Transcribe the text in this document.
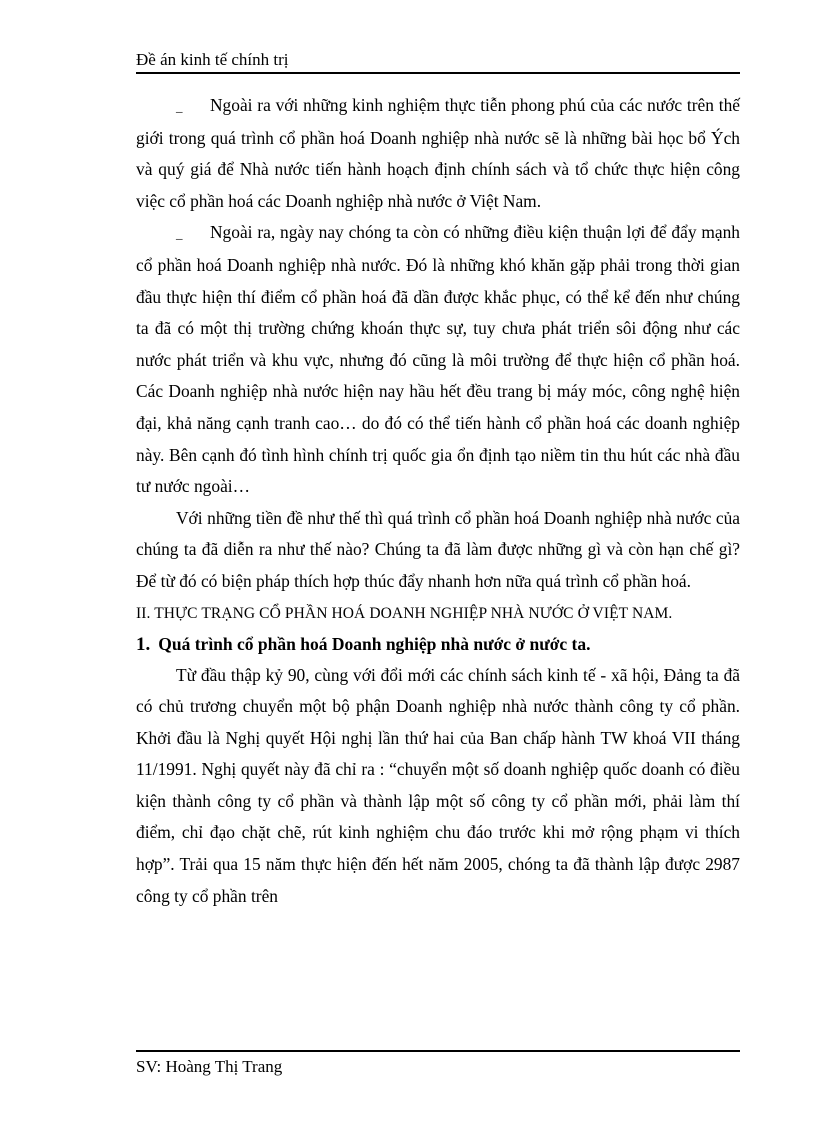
Đề án kinh tế chính trị

_ Ngoài ra với những kinh nghiệm thực tiễn phong phú của các nước trên thế giới trong quá trình cổ phần hoá Doanh nghiệp nhà nước sẽ là những bài học bổ Ých và quý giá để Nhà nước tiến hành hoạch định chính sách và tổ chức thực hiện công việc cổ phần hoá các Doanh nghiệp nhà nước ở Việt Nam.

_ Ngoài ra, ngày nay chóng ta còn có những điều kiện thuận lợi để đẩy mạnh cổ phần hoá Doanh nghiệp nhà nước. Đó là những khó khăn gặp phải trong thời gian đầu thực hiện thí điểm cổ phần hoá đã dần được khắc phục, có thể kể đến như chúng ta đã có một thị trường chứng khoán thực sự, tuy chưa phát triển sôi động như các nước phát triển và khu vực, nhưng đó cũng là môi trường để thực hiện cổ phần hoá. Các Doanh nghiệp nhà nước hiện nay hầu hết đều trang bị máy móc, công nghệ hiện đại, khả năng cạnh tranh cao… do đó có thể tiến hành cổ phần hoá các doanh nghiệp này. Bên cạnh đó tình hình chính trị quốc gia ổn định tạo niềm tin thu hút các nhà đầu tư nước ngoài…

Với những tiền đề như thế thì quá trình cổ phần hoá Doanh nghiệp nhà nước của chúng ta đã diễn ra như thế nào? Chúng ta đã làm được những gì và còn hạn chế gì? Để từ đó có biện pháp thích hợp thúc đẩy nhanh hơn nữa quá trình cổ phần hoá.

II. THỰC TRẠNG CỔ PHẦN HOÁ DOANH NGHIỆP NHÀ NƯỚC Ở VIỆT NAM.

1. Quá trình cổ phần hoá Doanh nghiệp nhà nước ở nước ta.

Từ đầu thập kỷ 90, cùng với đổi mới các chính sách kinh tế - xã hội, Đảng ta đã có chủ trương chuyển một bộ phận Doanh nghiệp nhà nước thành công ty cổ phần. Khởi đầu là Nghị quyết Hội nghị lần thứ hai của Ban chấp hành TW khoá VII tháng 11/1991. Nghị quyết này đã chỉ ra : “chuyển một số doanh nghiệp quốc doanh có điều kiện thành công ty cổ phần và thành lập một số công ty cổ phần mới, phải làm thí điểm, chỉ đạo chặt chẽ, rút kinh nghiệm chu đáo trước khi mở rộng phạm vi thích hợp”. Trải qua 15 năm thực hiện đến hết năm 2005, chóng ta đã thành lập được 2987 công ty cổ phần trên

SV: Hoàng Thị Trang
